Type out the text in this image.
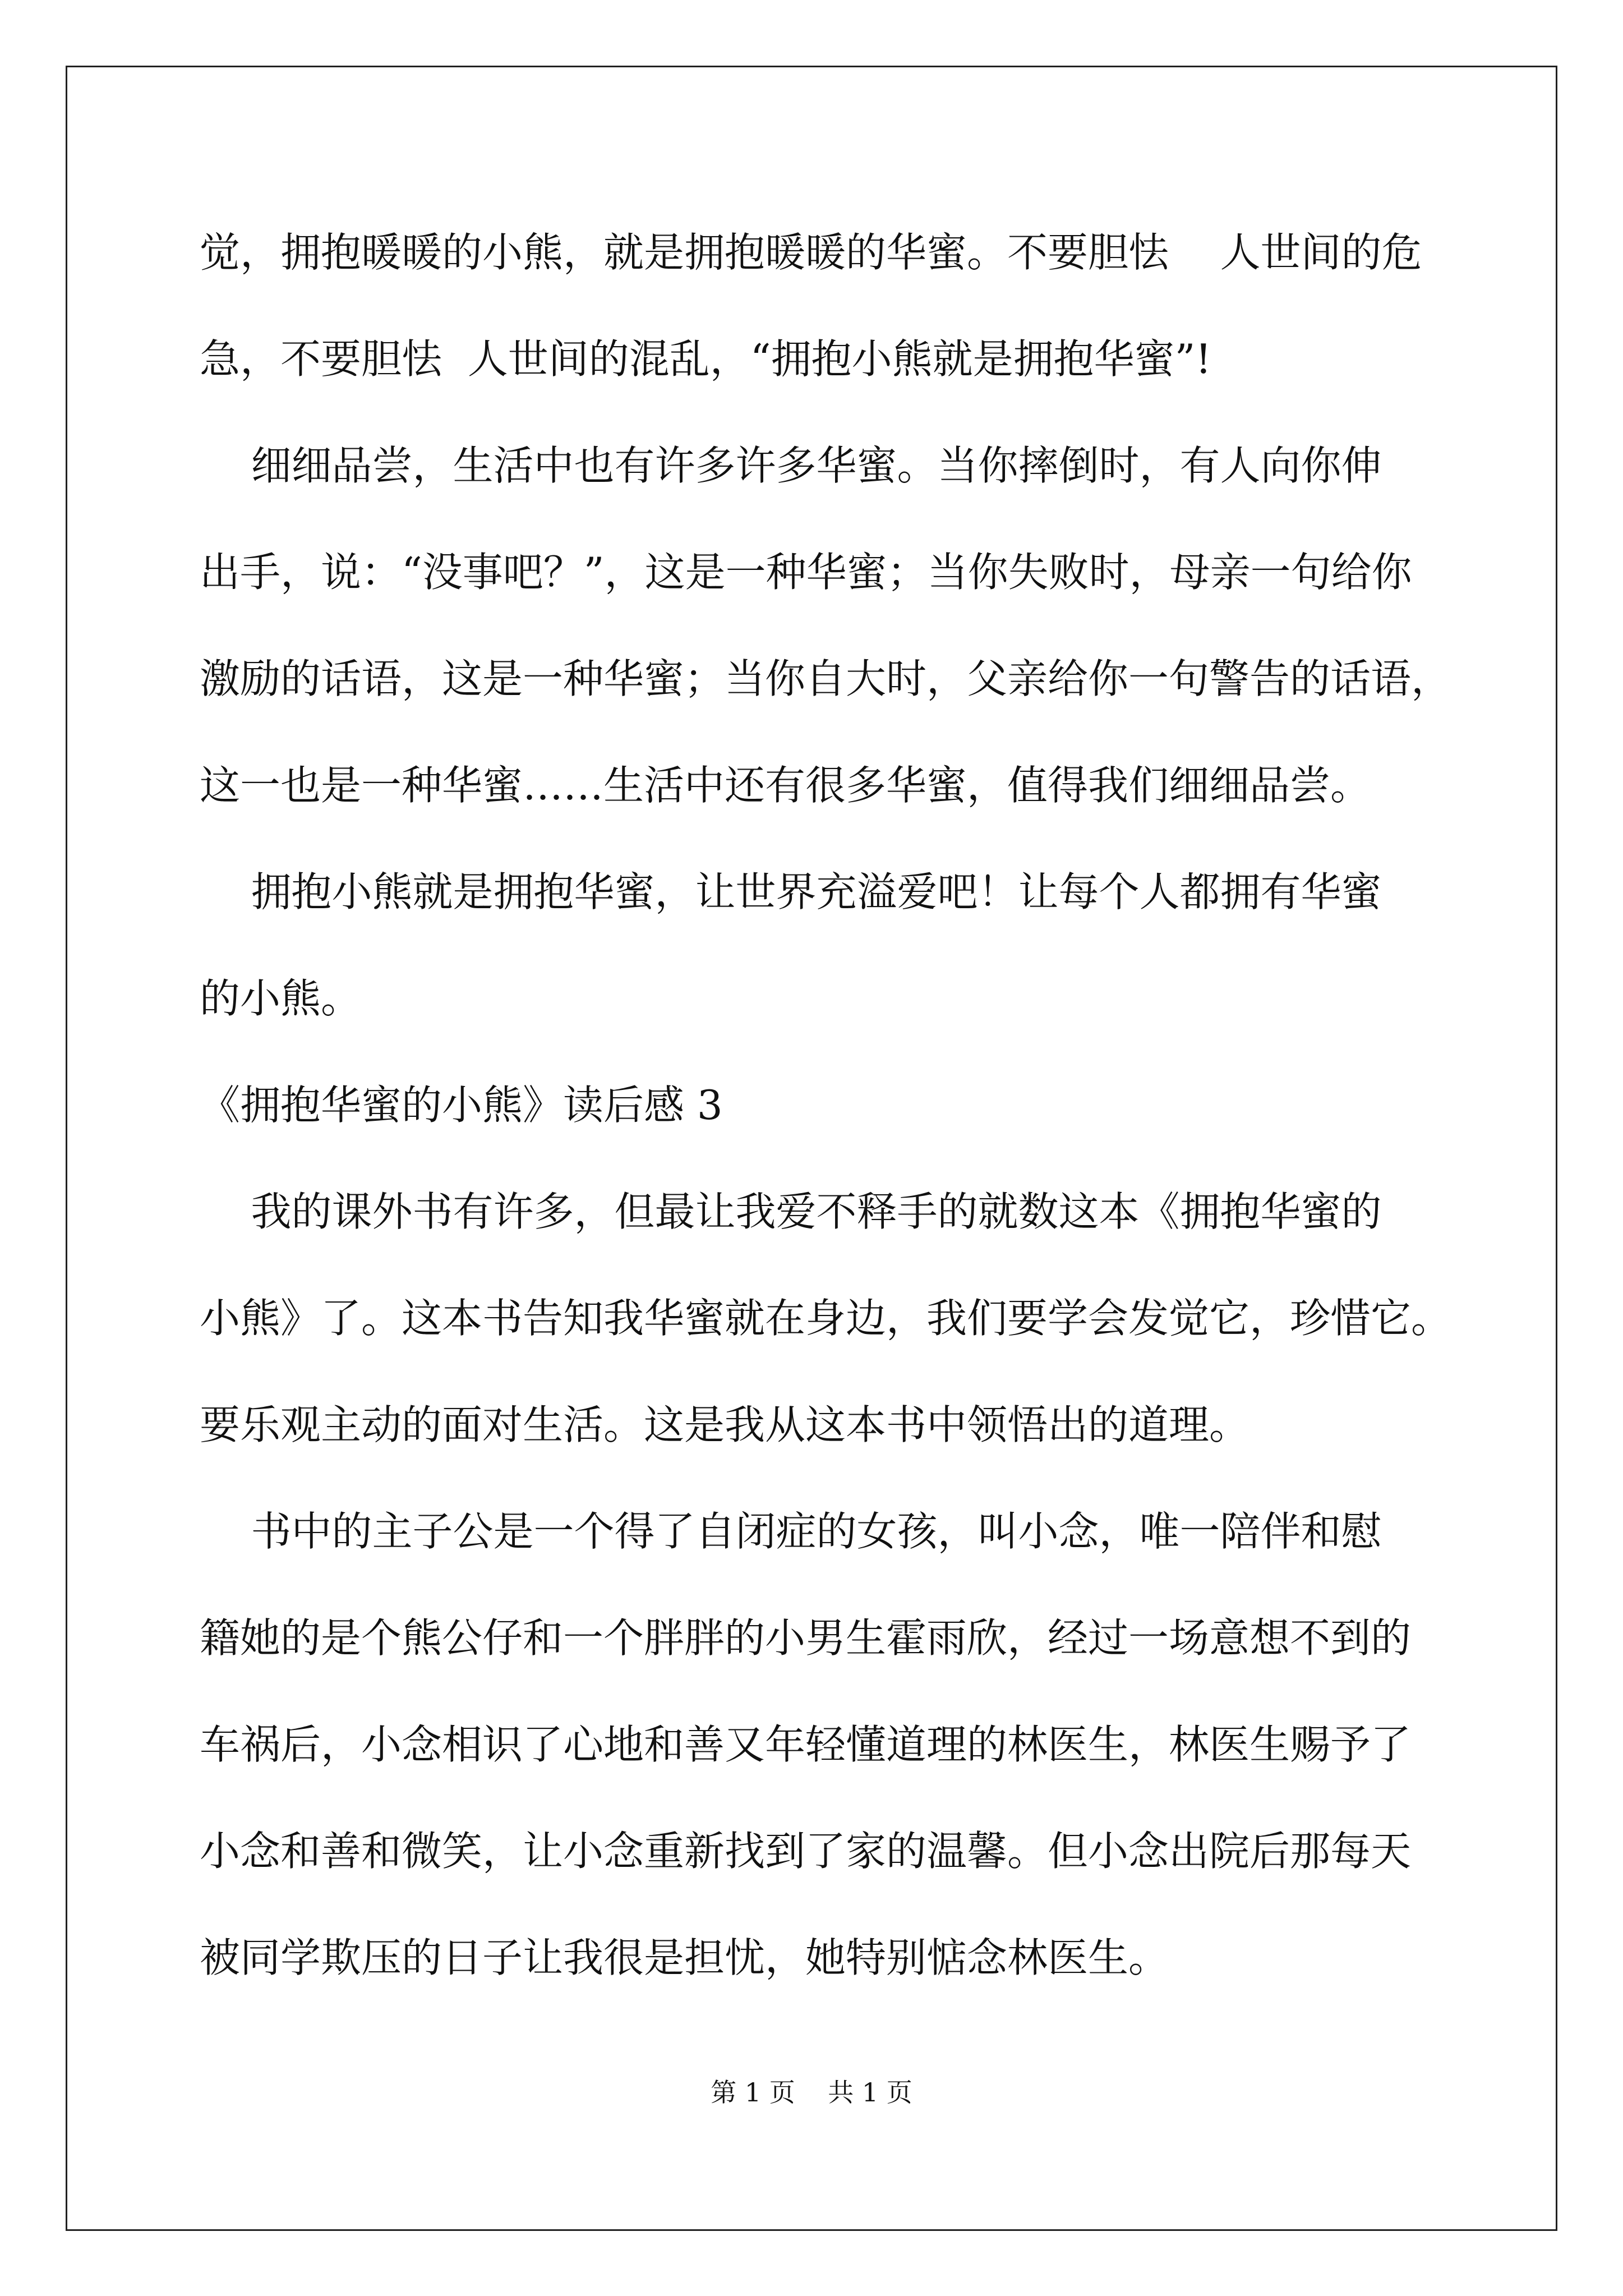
觉，拥抱暖暖的小熊，就是拥抱暖暖的华蜜。不要胆怯    人世间的危
急，不要胆怯  人世间的混乱，“拥抱小熊就是拥抱华蜜”!
细细品尝，生活中也有许多许多华蜜。当你摔倒时，有人向你伸
出手，说：“没事吧？”，这是一种华蜜；当你失败时，母亲一句给你
激励的话语，这是一种华蜜；当你自大时，父亲给你一句警告的话语，
这一也是一种华蜜……生活中还有很多华蜜，值得我们细细品尝。
拥抱小熊就是拥抱华蜜，让世界充溢爱吧！让每个人都拥有华蜜
的小熊。
《拥抱华蜜的小熊》读后感 3
我的课外书有许多，但最让我爱不释手的就数这本《拥抱华蜜的
小熊》了。这本书告知我华蜜就在身边，我们要学会发觉它，珍惜它。
要乐观主动的面对生活。这是我从这本书中领悟出的道理。
书中的主子公是一个得了自闭症的女孩，叫小念，唯一陪伴和慰
籍她的是个熊公仔和一个胖胖的小男生霍雨欣，经过一场意想不到的
车祸后，小念相识了心地和善又年轻懂道理的林医生，林医生赐予了
小念和善和微笑，让小念重新找到了家的温馨。但小念出院后那每天
被同学欺压的日子让我很是担忧，她特别惦念林医生。
第 1 页    共 1 页
